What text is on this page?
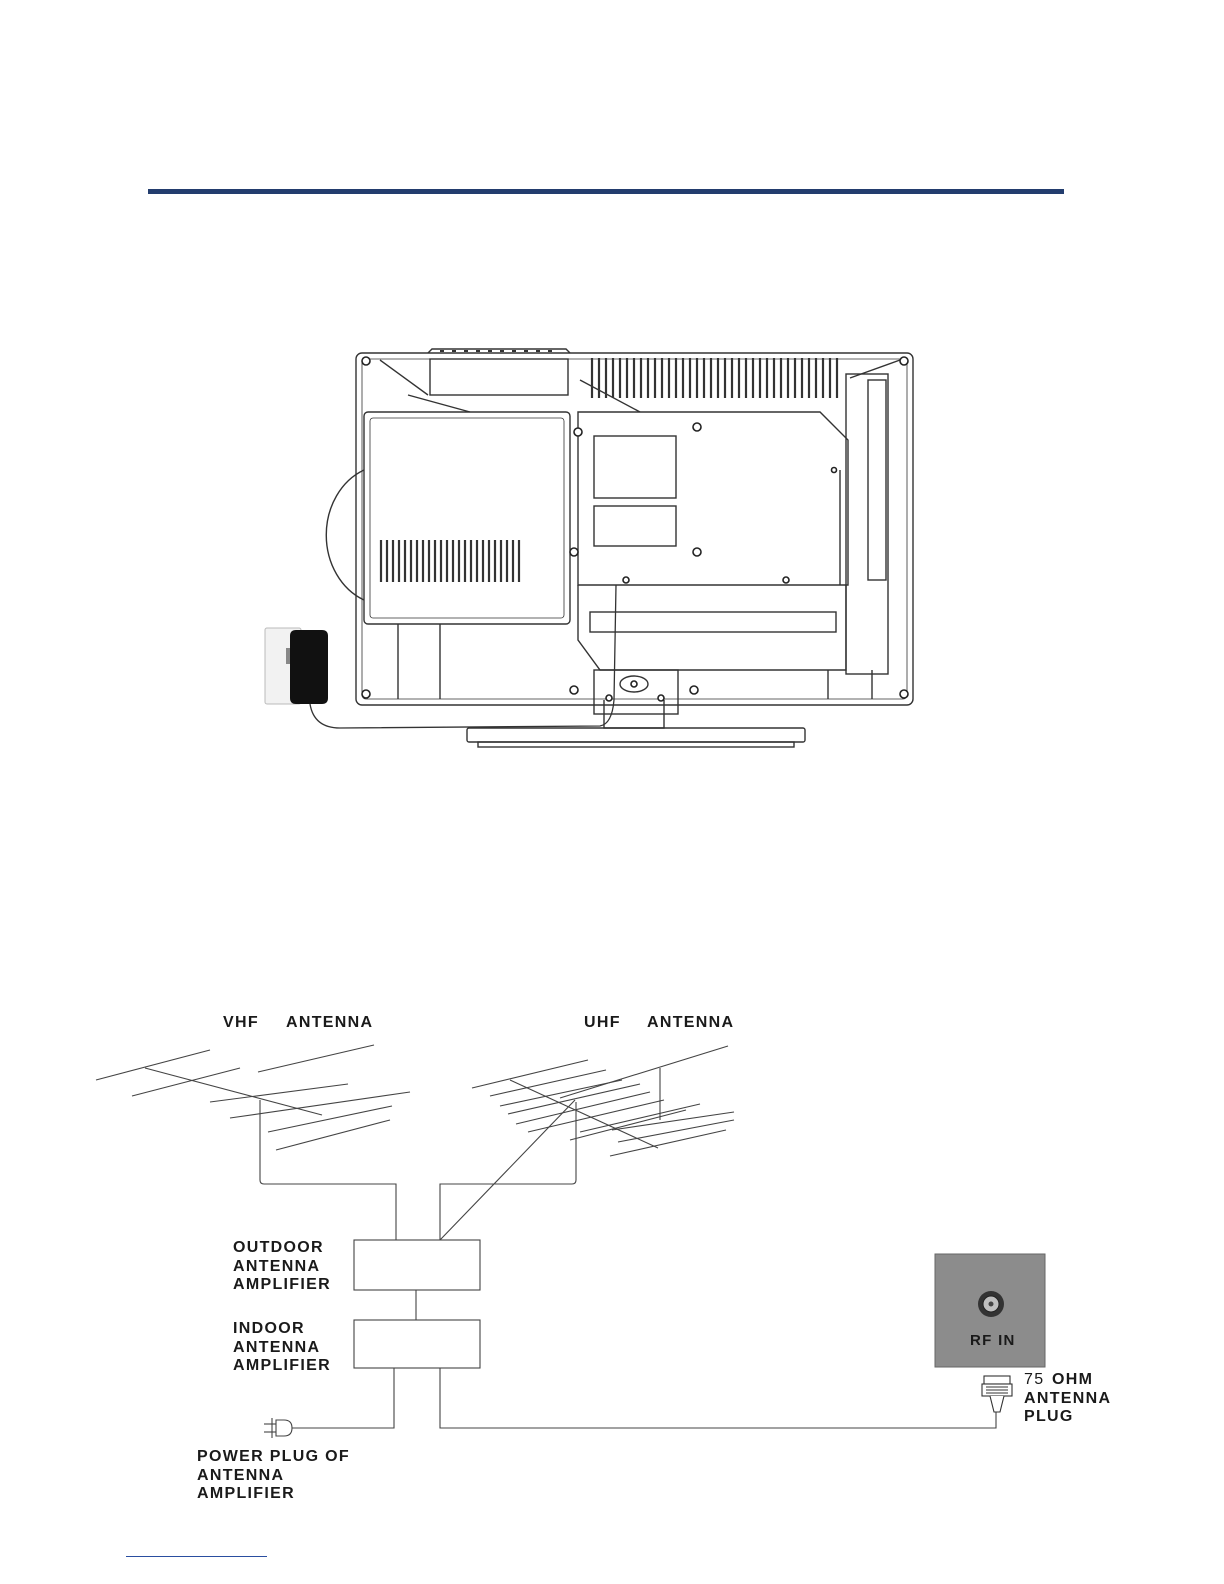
VHF ANTENNA	UHF ANTENNA
OUTDOOR
ANTENNA
AMPLIFIER
INDOOR
ANTENNA
AMPLIFIER
POWER PLUG OF
ANTENNA
AMPLIFIER
RF IN
75 OHM
ANTENNA
PLUG
